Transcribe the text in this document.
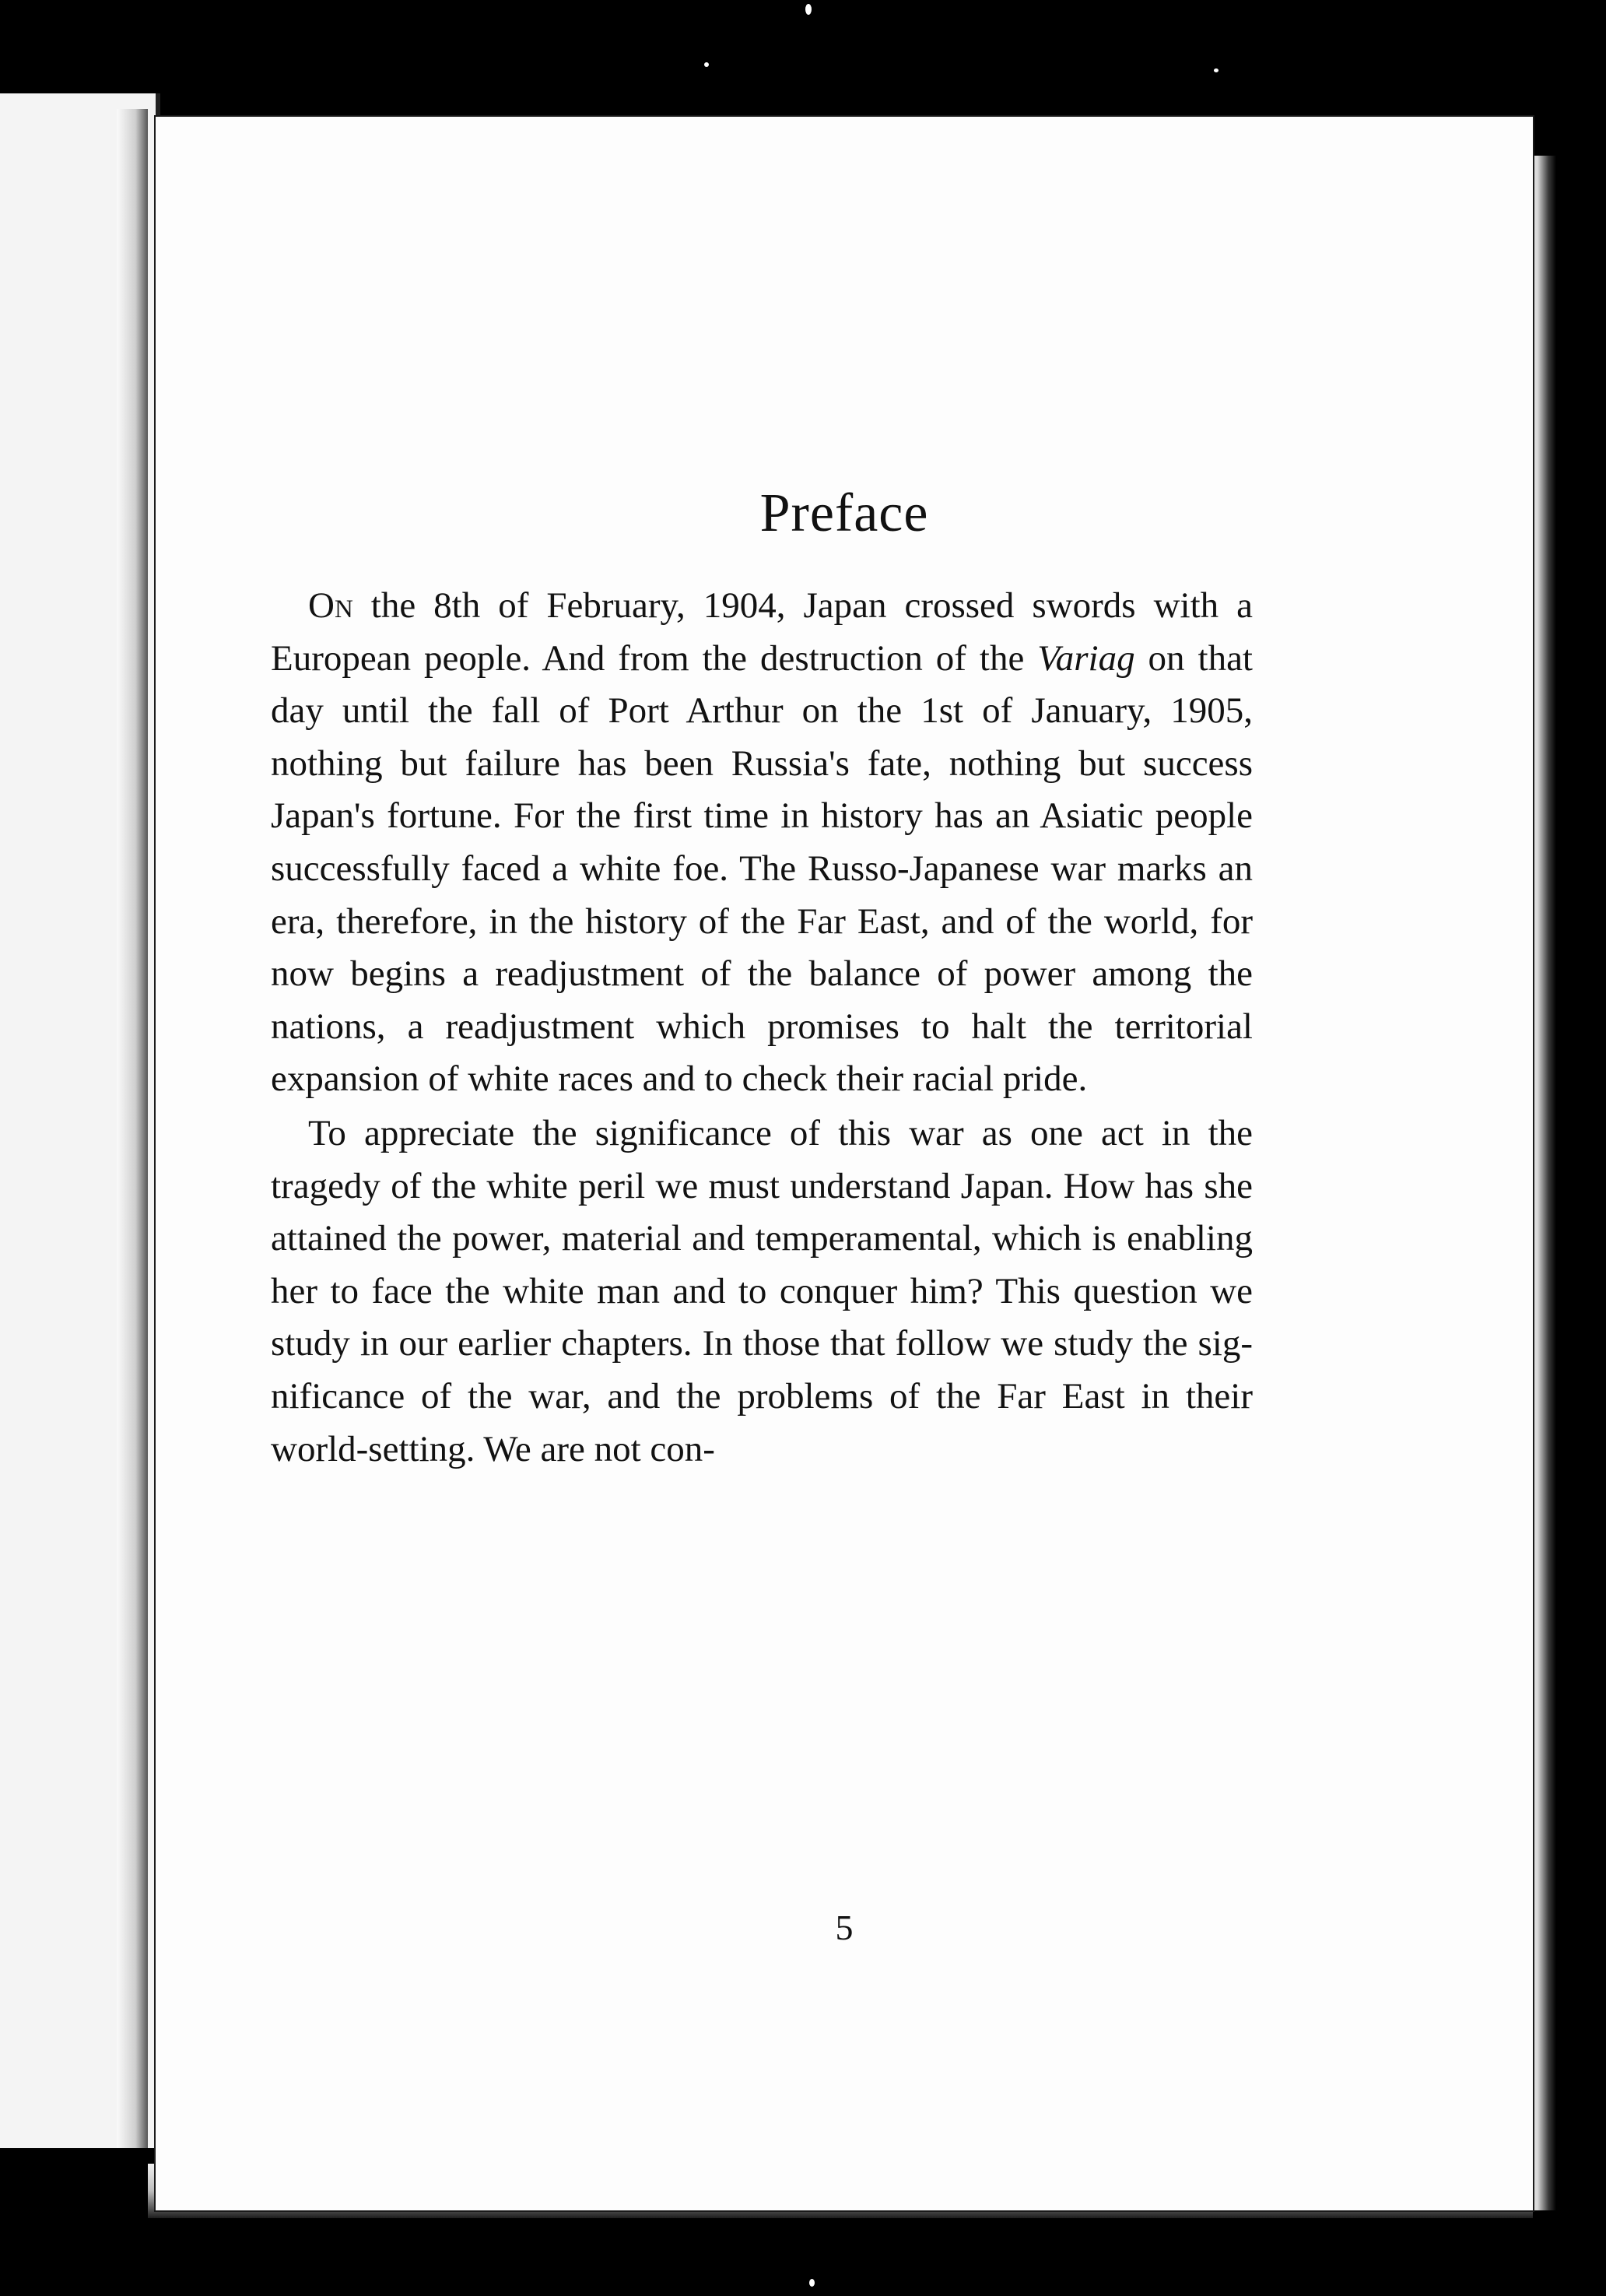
Preface

On the 8th of February, 1904, Japan crossed swords with a European people. And from the destruction of the Variag on that day until the fall of Port Arthur on the 1st of January, 1905, nothing but failure has been Russia's fate, nothing but success Japan's fortune. For the first time in history has an Asiatic people successfully faced a white foe. The Russo-Japanese war marks an era, therefore, in the history of the Far East, and of the world, for now begins a readjustment of the balance of power among the nations, a readjustment which promises to halt the territorial expansion of white races and to check their racial pride.

To appreciate the significance of this war as one act in the tragedy of the white peril we must understand Japan. How has she attained the power, material and temperamental, which is enabling her to face the white man and to conquer him? This question we study in our earlier chapters. In those that follow we study the significance of the war, and the problems of the Far East in their world-setting. We are not con-

5
